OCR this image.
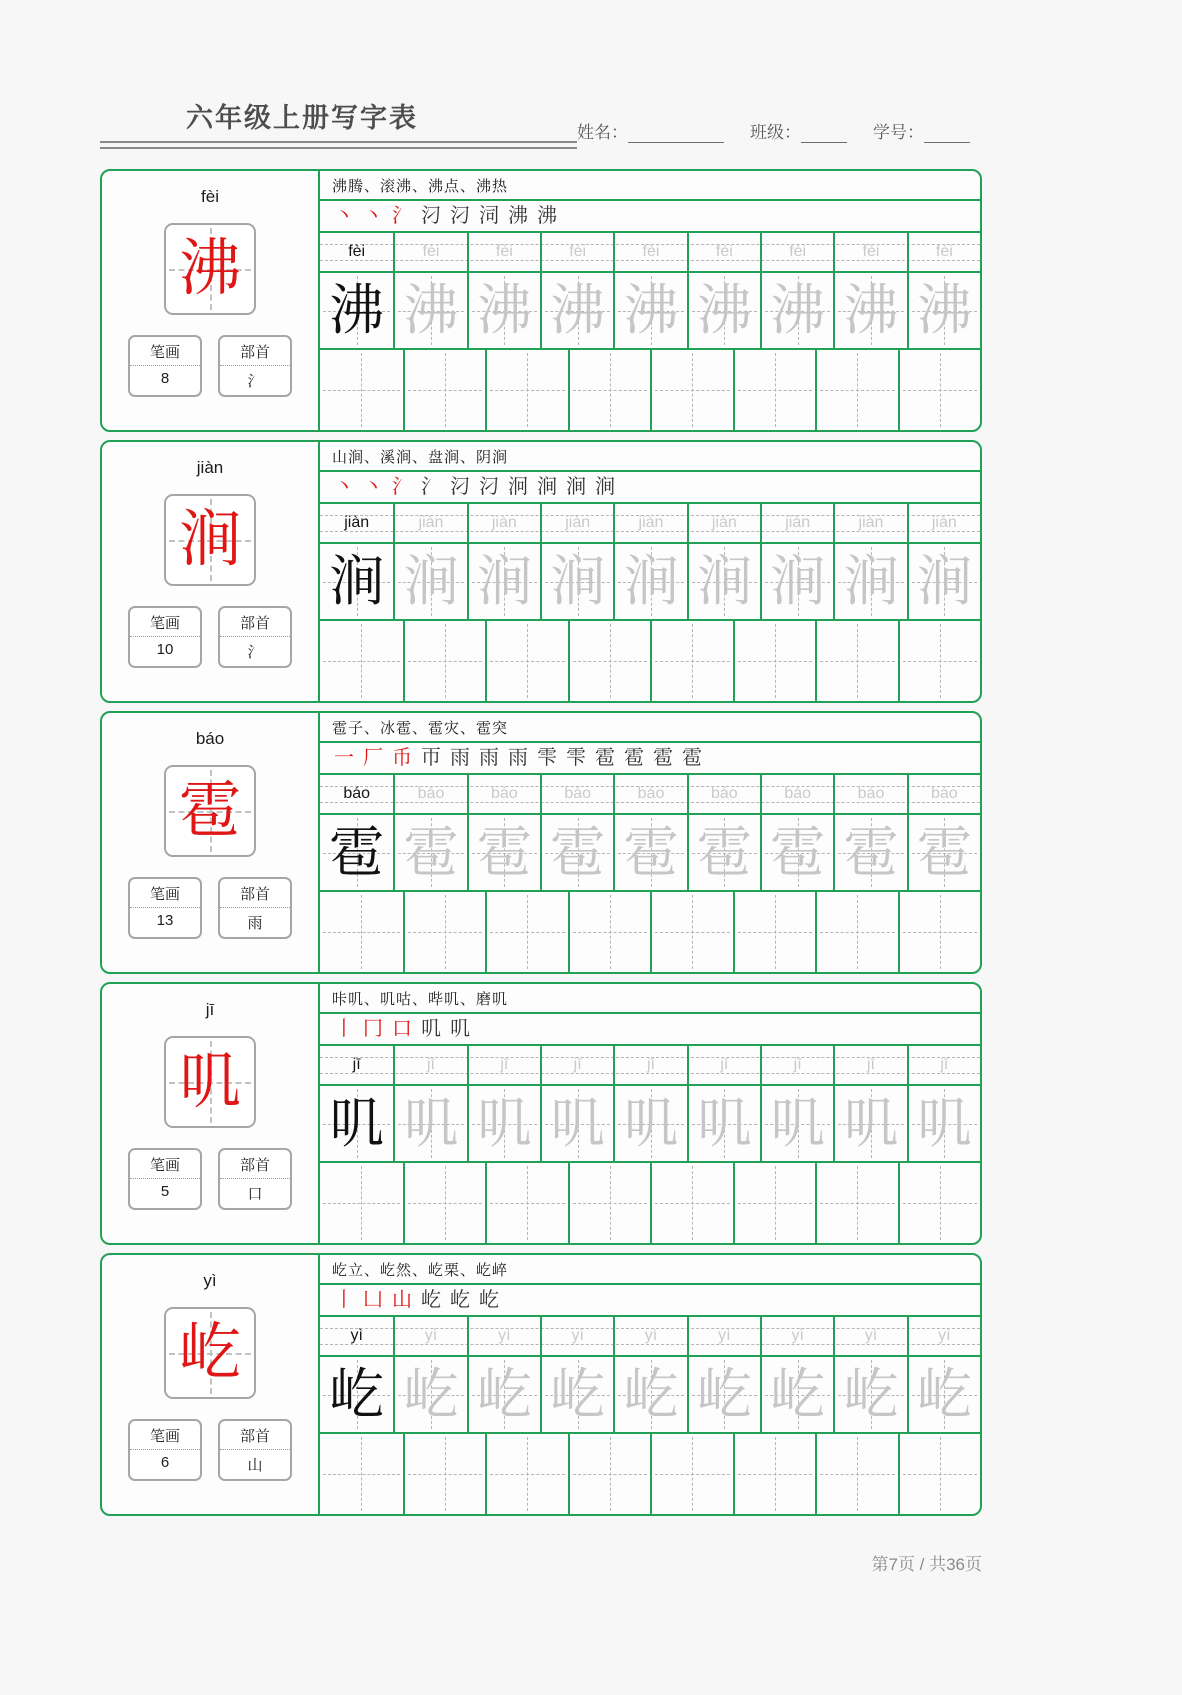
六年级上册写字表	姓名：	班级：	学号：
fèi
沸
笔画
8
部首
氵
沸腾、滚沸、沸点、沸热
丶 丶 氵 汈 汈 泀 沸 沸
fèi	fèi	fèi	fèi	fèi	fèi	fèi	fèi	fèi
沸 沸 沸 沸 沸 沸 沸 沸 沸
jiàn
涧
笔画
10
部首
氵
山涧、溪涧、盘涧、阴涧
丶 丶 氵 氵 汈 汈 泂 涧 涧 涧
jiàn	jiàn	jiàn	jiàn	jiàn	jiàn	jiàn	jiàn	jiàn
涧 涧 涧 涧 涧 涧 涧 涧 涧
báo
雹
笔画
13
部首
雨
雹子、冰雹、雹灾、雹突
一 厂 币 帀 雨 雨 雨 雫 雫 雹 雹 雹 雹
báo	báo	báo	báo	báo	báo	báo	báo	báo
雹 雹 雹 雹 雹 雹 雹 雹 雹
jī
叽
笔画
5
部首
口
咔叽、叽咕、哔叽、磨叽
丨 冂 口 叽 叽
jī	jī	jī	jī	jī	jī	jī	jī	jī
叽 叽 叽 叽 叽 叽 叽 叽 叽
yì
屹
笔画
6
部首
山
屹立、屹然、屹栗、屹崪
丨 凵 山 屹 屹 屹
yì	yì	yì	yì	yì	yì	yì	yì	yì
屹 屹 屹 屹 屹 屹 屹 屹 屹
第7页 / 共36页
